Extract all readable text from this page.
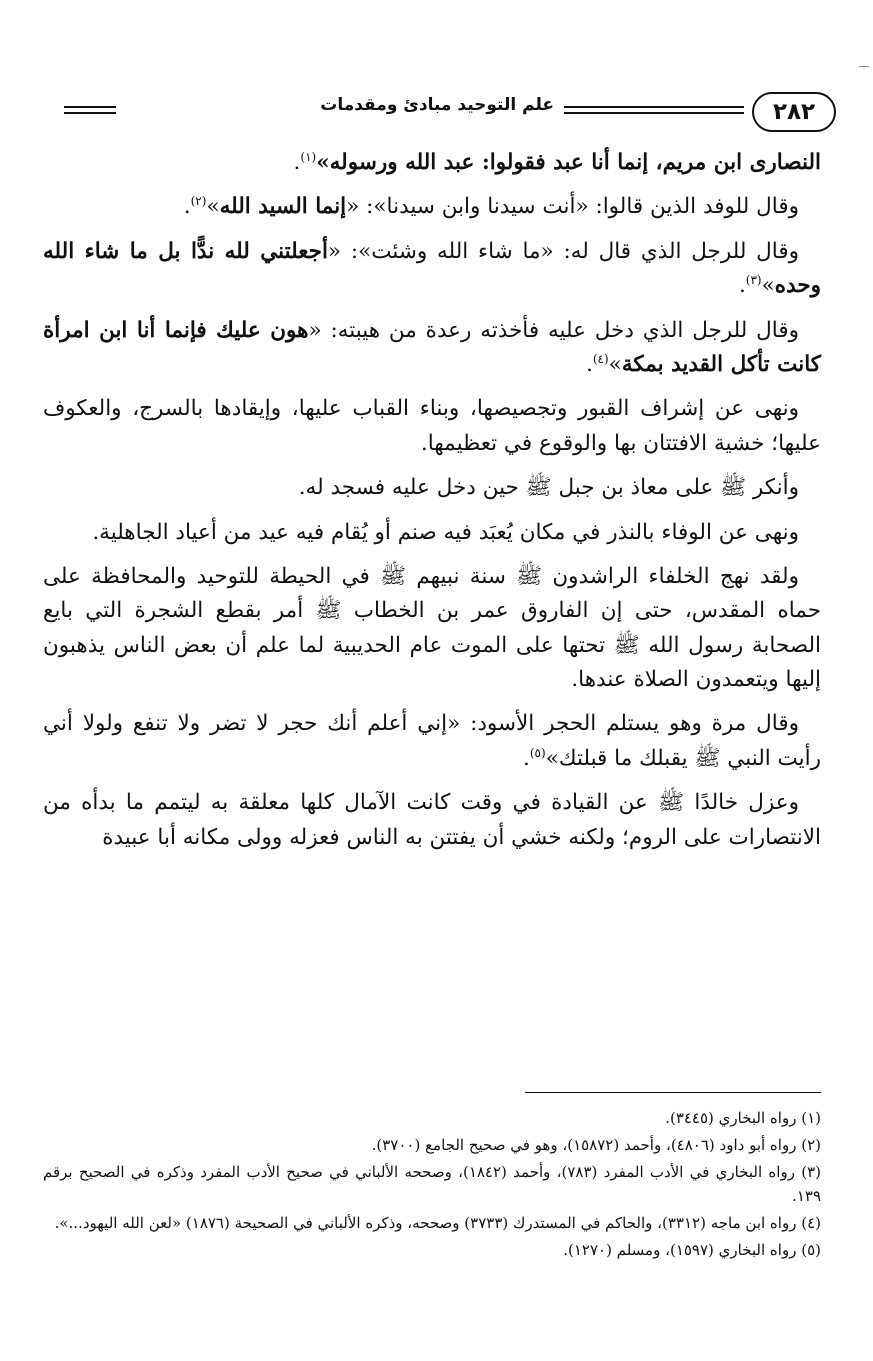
٢٨٢
علم التوحيد مبادئ ومقدمات

النصارى ابن مريم، إنما أنا عبد فقولوا: عبد الله ورسوله»$^{(١)}$.

وقال للوفد الذين قالوا: «أنت سيدنا وابن سيدنا»: «إنما السيد الله»$^{(٢)}$.

وقال للرجل الذي قال له: «ما شاء الله وشئت»: «أجعلتني لله ندًّا بل ما شاء الله وحده»$^{(٣)}$.

وقال للرجل الذي دخل عليه فأخذته رعدة من هيبته: «هون عليك فإنما أنا ابن امرأة كانت تأكل القديد بمكة»$^{(٤)}$.

ونهى عن إشراف القبور وتجصيصها، وبناء القباب عليها، وإيقادها بالسرج، والعكوف عليها؛ خشية الافتتان بها والوقوع في تعظيمها.

وأنكر ﷺ على معاذ بن جبل ﷺ حين دخل عليه فسجد له.

ونهى عن الوفاء بالنذر في مكان يُعبَد فيه صنم أو يُقام فيه عيد من أعياد الجاهلية.

ولقد نهج الخلفاء الراشدون ﷺ سنة نبيهم ﷺ في الحيطة للتوحيد والمحافظة على حماه المقدس، حتى إن الفاروق عمر بن الخطاب ﷺ أمر بقطع الشجرة التي بايع الصحابة رسول الله ﷺ تحتها على الموت عام الحديبية لما علم أن بعض الناس يذهبون إليها ويتعمدون الصلاة عندها.

وقال مرة وهو يستلم الحجر الأسود: «إني أعلم أنك حجر لا تضر ولا تنفع ولولا أني رأيت النبي ﷺ يقبلك ما قبلتك»$^{(٥)}$.

وعزل خالدًا ﷺ عن القيادة في وقت كانت الآمال كلها معلقة به ليتمم ما بدأه من الانتصارات على الروم؛ ولكنه خشي أن يفتتن به الناس فعزله وولى مكانه أبا عبيدة

(١) رواه البخاري (٣٤٤٥).
(٢) رواه أبو داود (٤٨٠٦)، وأحمد (١٥٨٧٢)، وهو في صحيح الجامع (٣٧٠٠).
(٣) رواه البخاري في الأدب المفرد (٧٨٣)، وأحمد (١٨٤٢)، وصححه الألباني في صحيح الأدب المفرد وذكره في الصحيح برقم ١٣٩.
(٤) رواه ابن ماجه (٣٣١٢)، والحاكم في المستدرك (٣٧٣٣) وصححه، وذكره الألباني في الصحيحة (١٨٧٦) «لعن الله اليهود...».
(٥) رواه البخاري (١٥٩٧)، ومسلم (١٢٧٠).
